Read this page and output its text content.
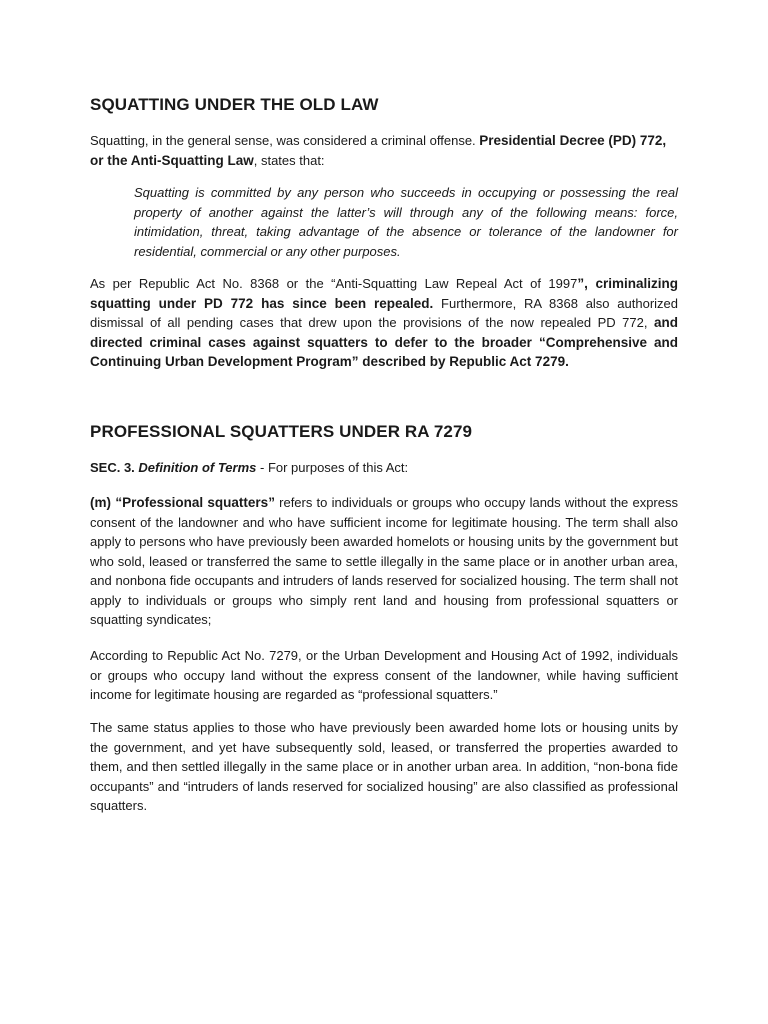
SQUATTING UNDER THE OLD LAW

Squatting, in the general sense, was considered a criminal offense. Presidential Decree (PD) 772, or the Anti-Squatting Law, states that:

Squatting is committed by any person who succeeds in occupying or possessing the real property of another against the latter’s will through any of the following means: force, intimidation, threat, taking advantage of the absence or tolerance of the landowner for residential, commercial or any other purposes.

As per Republic Act No. 8368 or the “Anti-Squatting Law Repeal Act of 1997”, criminalizing squatting under PD 772 has since been repealed. Furthermore, RA 8368 also authorized dismissal of all pending cases that drew upon the provisions of the now repealed PD 772, and directed criminal cases against squatters to defer to the broader “Comprehensive and Continuing Urban Development Program” described by Republic Act 7279.

PROFESSIONAL SQUATTERS UNDER RA 7279

SEC. 3. Definition of Terms - For purposes of this Act:

(m) “Professional squatters” refers to individuals or groups who occupy lands without the express consent of the landowner and who have sufficient income for legitimate housing. The term shall also apply to persons who have previously been awarded homelots or housing units by the government but who sold, leased or transferred the same to settle illegally in the same place or in another urban area, and nonbona fide occupants and intruders of lands reserved for socialized housing. The term shall not apply to individuals or groups who simply rent land and housing from professional squatters or squatting syndicates;

According to Republic Act No. 7279, or the Urban Development and Housing Act of 1992, individuals or groups who occupy land without the express consent of the landowner, while having sufficient income for legitimate housing are regarded as “professional squatters.”

The same status applies to those who have previously been awarded home lots or housing units by the government, and yet have subsequently sold, leased, or transferred the properties awarded to them, and then settled illegally in the same place or in another urban area. In addition, “non-bona fide occupants” and “intruders of lands reserved for socialized housing” are also classified as professional squatters.
